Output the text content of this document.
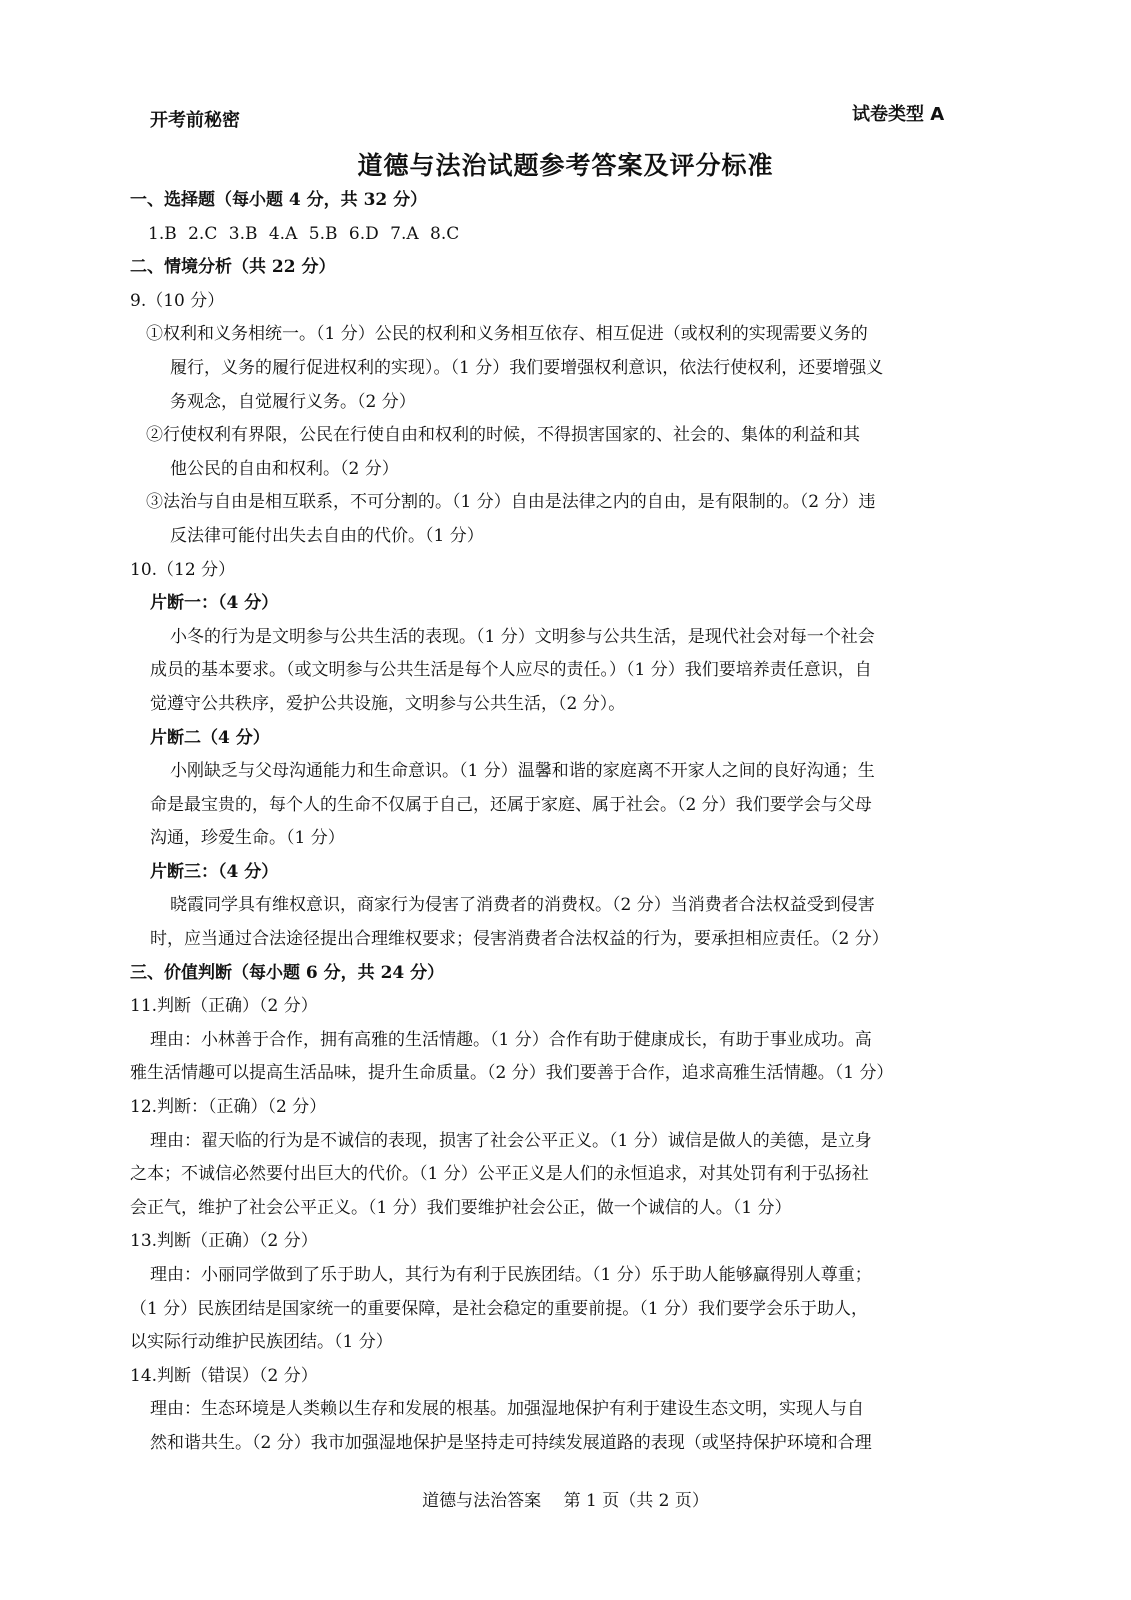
开考前秘密	试卷类型 A
道德与法治试题参考答案及评分标准
一、选择题（每小题 4 分，共 32 分）
1.B 2.C 3.B 4.A 5.B 6.D 7.A 8.C
二、情境分析（共 22 分）
9.（10 分）
①权利和义务相统一。（1 分）公民的权利和义务相互依存、相互促进（或权利的实现需要义务的
履行，义务的履行促进权利的实现）。（1 分）我们要增强权利意识，依法行使权利，还要增强义
务观念，自觉履行义务。（2 分）
②行使权利有界限，公民在行使自由和权利的时候，不得损害国家的、社会的、集体的利益和其
他公民的自由和权利。（2 分）
③法治与自由是相互联系，不可分割的。（1 分）自由是法律之内的自由，是有限制的。（2 分）违
反法律可能付出失去自由的代价。（1 分）
10.（12 分）
片断一：（4 分）
小冬的行为是文明参与公共生活的表现。（1 分）文明参与公共生活，是现代社会对每一个社会
成员的基本要求。（或文明参与公共生活是每个人应尽的责任。）（1 分）我们要培养责任意识，自
觉遵守公共秩序，爱护公共设施，文明参与公共生活，（2 分）。
片断二（4 分）
小刚缺乏与父母沟通能力和生命意识。（1 分）温馨和谐的家庭离不开家人之间的良好沟通；生
命是最宝贵的，每个人的生命不仅属于自己，还属于家庭、属于社会。（2 分）我们要学会与父母
沟通，珍爱生命。（1 分）
片断三：（4 分）
晓霞同学具有维权意识，商家行为侵害了消费者的消费权。（2 分）当消费者合法权益受到侵害
时，应当通过合法途径提出合理维权要求；侵害消费者合法权益的行为，要承担相应责任。（2 分）
三、价值判断（每小题 6 分，共 24 分）
11.判断（正确）（2 分）
理由：小林善于合作，拥有高雅的生活情趣。（1 分）合作有助于健康成长，有助于事业成功。高
雅生活情趣可以提高生活品味，提升生命质量。（2 分）我们要善于合作，追求高雅生活情趣。（1 分）
12.判断：（正确）（2 分）
理由：翟天临的行为是不诚信的表现，损害了社会公平正义。（1 分）诚信是做人的美德，是立身
之本；不诚信必然要付出巨大的代价。（1 分）公平正义是人们的永恒追求，对其处罚有利于弘扬社
会正气，维护了社会公平正义。（1 分）我们要维护社会公正，做一个诚信的人。（1 分）
13.判断（正确）（2 分）
理由：小丽同学做到了乐于助人，其行为有利于民族团结。（1 分）乐于助人能够赢得别人尊重；
（1 分）民族团结是国家统一的重要保障，是社会稳定的重要前提。（1 分）我们要学会乐于助人，
以实际行动维护民族团结。（1 分）
14.判断（错误）（2 分）
理由：生态环境是人类赖以生存和发展的根基。加强湿地保护有利于建设生态文明，实现人与自
然和谐共生。（2 分）我市加强湿地保护是坚持走可持续发展道路的表现（或坚持保护环境和合理
道德与法治答案　 第 1 页（共 2 页）
